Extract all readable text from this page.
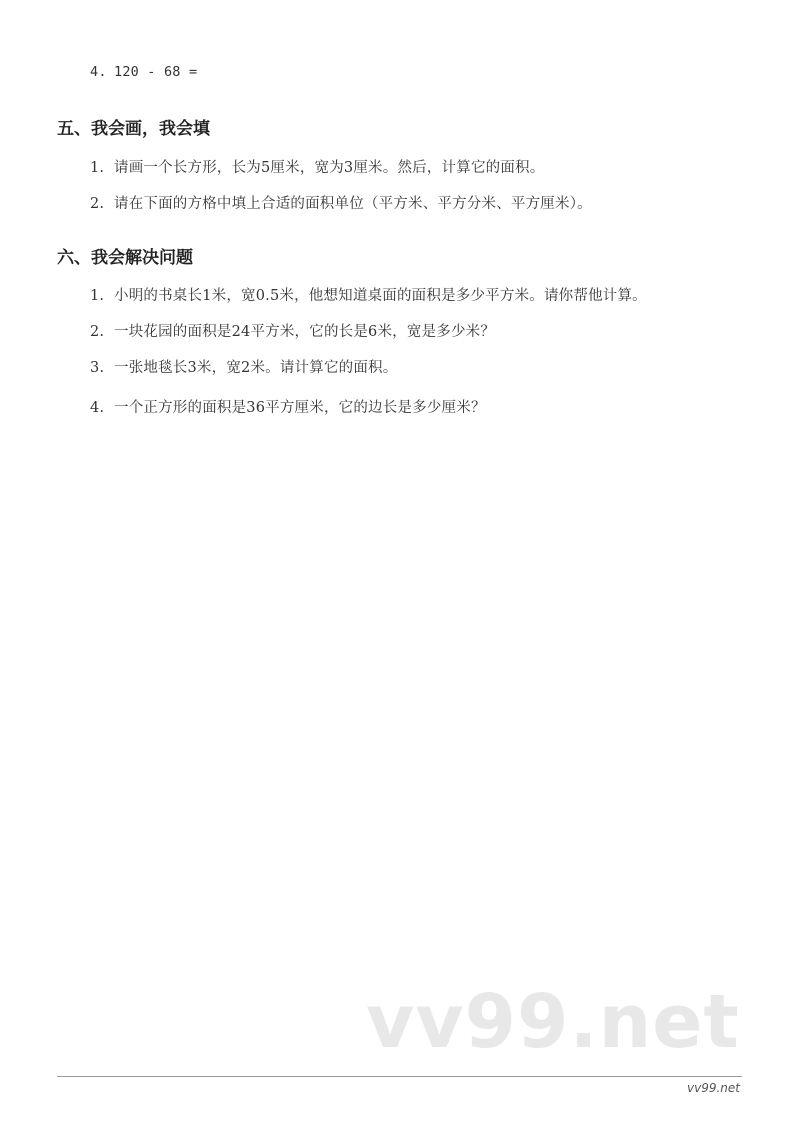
4. 120 - 68 =
五、我会画，我会填
1. 请画一个长方形，长为5厘米，宽为3厘米。然后，计算它的面积。
2. 请在下面的方格中填上合适的面积单位（平方米、平方分米、平方厘米）。
六、我会解决问题
1. 小明的书桌长1米，宽0.5米，他想知道桌面的面积是多少平方米。请你帮他计算。
2. 一块花园的面积是24平方米，它的长是6米，宽是多少米？
3. 一张地毯长3米，宽2米。请计算它的面积。
4. 一个正方形的面积是36平方厘米，它的边长是多少厘米？
vv99.net
vv99.net
